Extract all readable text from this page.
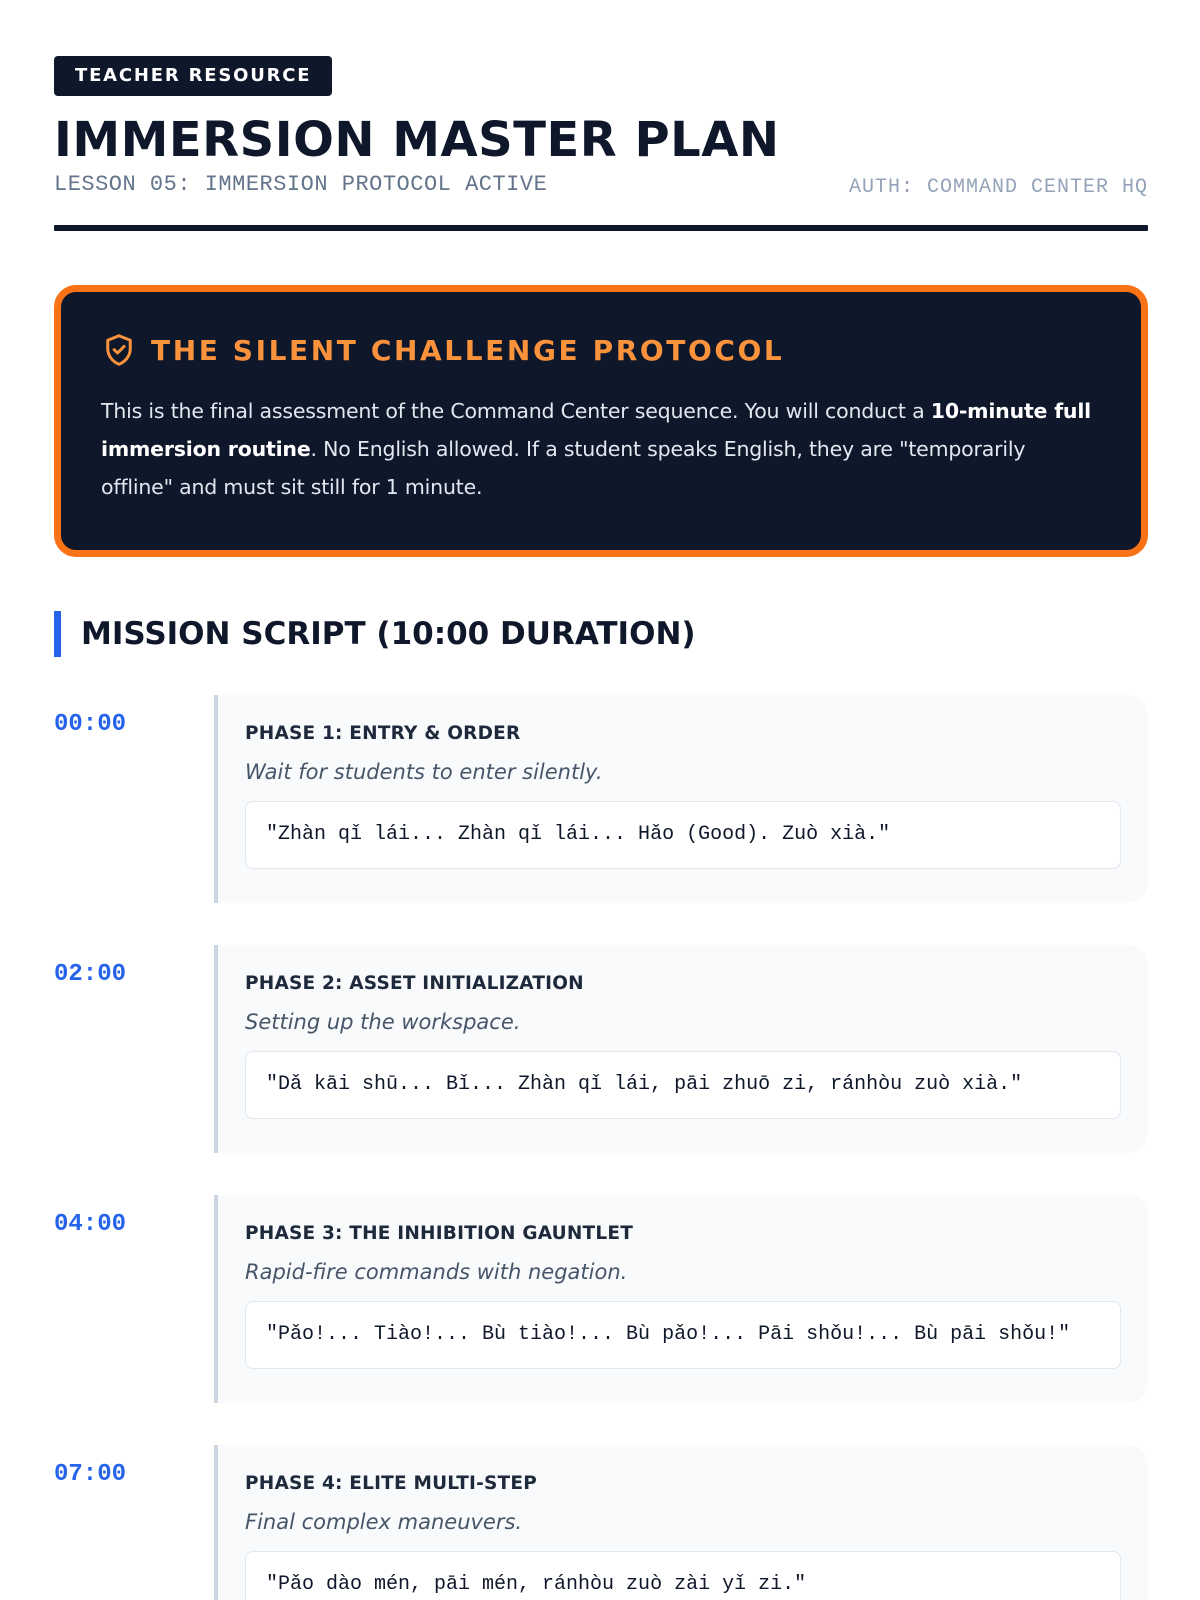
TEACHER RESOURCE
IMMERSION MASTER PLAN
LESSON 05: IMMERSION PROTOCOL ACTIVE	AUTH: COMMAND CENTER HQ
THE SILENT CHALLENGE PROTOCOL

This is the final assessment of the Command Center sequence. You will conduct a 10-minute full immersion routine. No English allowed. If a student speaks English, they are "temporarily offline" and must sit still for 1 minute.

MISSION SCRIPT (10:00 DURATION)
00:00	PHASE 1: ENTRY & ORDER
Wait for students to enter silently.
"Zhàn qǐ lái... Zhàn qǐ lái... Hǎo (Good). Zuò xià."
02:00	PHASE 2: ASSET INITIALIZATION
Setting up the workspace.
"Dǎ kāi shū... Bǐ... Zhàn qǐ lái, pāi zhuō zi, ránhòu zuò xià."
04:00	PHASE 3: THE INHIBITION GAUNTLET
Rapid-fire commands with negation.
"Pǎo!... Tiào!... Bù tiào!... Bù pǎo!... Pāi shǒu!... Bù pāi shǒu!"
07:00	PHASE 4: ELITE MULTI-STEP
Final complex maneuvers.
"Pǎo dào mén, pāi mén, ránhòu zuò zài yǐ zi."
